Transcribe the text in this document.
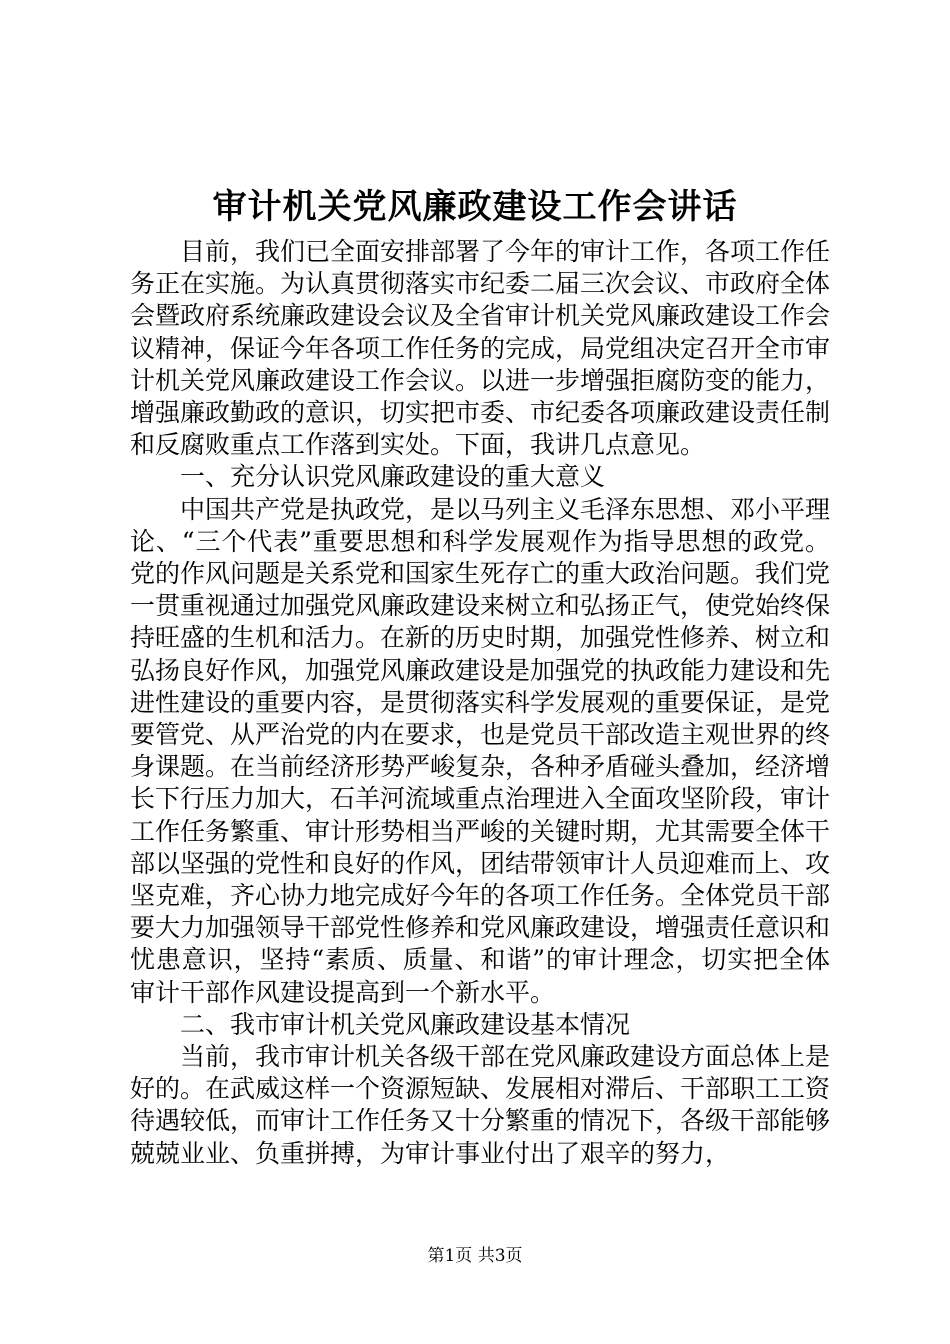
审计机关党风廉政建设工作会讲话

目前，我们已全面安排部署了今年的审计工作，各项工作任务正在实施。为认真贯彻落实市纪委二届三次会议、市政府全体会暨政府系统廉政建设会议及全省审计机关党风廉政建设工作会议精神，保证今年各项工作任务的完成，局党组决定召开全市审计机关党风廉政建设工作会议。以进一步增强拒腐防变的能力，增强廉政勤政的意识，切实把市委、市纪委各项廉政建设责任制和反腐败重点工作落到实处。下面，我讲几点意见。

一、充分认识党风廉政建设的重大意义

中国共产党是执政党，是以马列主义毛泽东思想、邓小平理论、“三个代表”重要思想和科学发展观作为指导思想的政党。党的作风问题是关系党和国家生死存亡的重大政治问题。我们党一贯重视通过加强党风廉政建设来树立和弘扬正气，使党始终保持旺盛的生机和活力。在新的历史时期，加强党性修养、树立和弘扬良好作风，加强党风廉政建设是加强党的执政能力建设和先进性建设的重要内容，是贯彻落实科学发展观的重要保证，是党要管党、从严治党的内在要求，也是党员干部改造主观世界的终身课题。在当前经济形势严峻复杂，各种矛盾碰头叠加，经济增长下行压力加大，石羊河流域重点治理进入全面攻坚阶段，审计工作任务繁重、审计形势相当严峻的关键时期，尤其需要全体干部以坚强的党性和良好的作风，团结带领审计人员迎难而上、攻坚克难，齐心协力地完成好今年的各项工作任务。全体党员干部要大力加强领导干部党性修养和党风廉政建设，增强责任意识和忧患意识，坚持“素质、质量、和谐”的审计理念，切实把全体审计干部作风建设提高到一个新水平。

二、我市审计机关党风廉政建设基本情况

当前，我市审计机关各级干部在党风廉政建设方面总体上是好的。在武威这样一个资源短缺、发展相对滞后、干部职工工资待遇较低，而审计工作任务又十分繁重的情况下，各级干部能够兢兢业业、负重拼搏，为审计事业付出了艰辛的努力，

第1页 共3页
